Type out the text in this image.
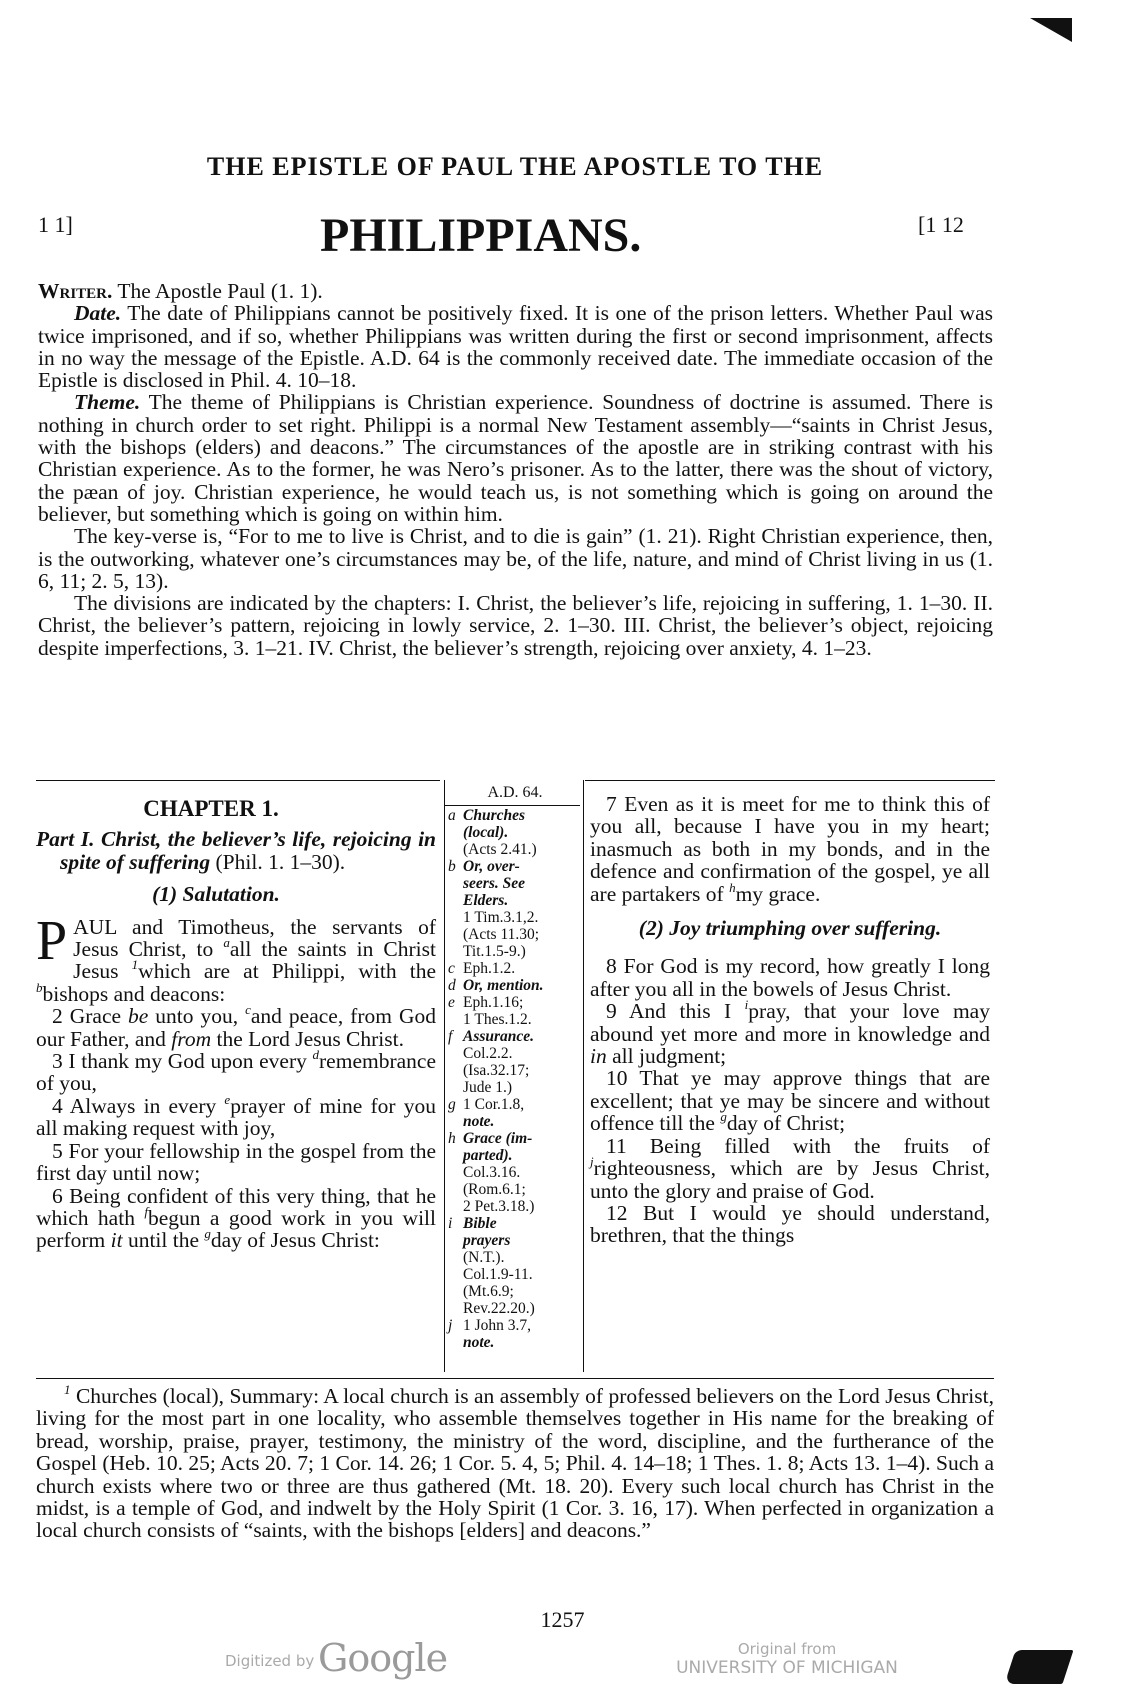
THE EPISTLE OF PAUL THE APOSTLE TO THE
1 1]	PHILIPPIANS.	[1 12

Writer. The Apostle Paul (1. 1).

Date. The date of Philippians cannot be positively fixed. It is one of the prison letters. Whether Paul was twice imprisoned, and if so, whether Philippians was written during the first or second imprisonment, affects in no way the message of the Epistle. A.D. 64 is the commonly received date. The immediate occasion of the Epistle is disclosed in Phil. 4. 10–18.

Theme. The theme of Philippians is Christian experience. Soundness of doctrine is assumed. There is nothing in church order to set right. Philippi is a normal New Testament assembly—“saints in Christ Jesus, with the bishops (elders) and deacons.” The circumstances of the apostle are in striking contrast with his Christian experience. As to the former, he was Nero’s prisoner. As to the latter, there was the shout of victory, the pæan of joy. Christian experience, he would teach us, is not something which is going on around the believer, but something which is going on within him.

The key-verse is, “For to me to live is Christ, and to die is gain” (1. 21). Right Christian experience, then, is the outworking, whatever one’s circumstances may be, of the life, nature, and mind of Christ living in us (1. 6, 11; 2. 5, 13).

The divisions are indicated by the chapters: I. Christ, the believer’s life, rejoicing in suffering, 1. 1–30. II. Christ, the believer’s pattern, rejoicing in lowly service, 2. 1–30. III. Christ, the believer’s object, rejoicing despite imperfections, 3. 1–21. IV. Christ, the believer’s strength, rejoicing over anxiety, 4. 1–23.

CHAPTER 1.
Part I. Christ, the believer’s life, rejoicing in spite of suffering (Phil. 1. 1–30).
(1) Salutation.

PAUL and Timotheus, the servants of Jesus Christ, to $^a$all the saints in Christ Jesus $^1$which are at Philippi, with the $^b$bishops and deacons:

2 Grace be unto you, $^c$and peace, from God our Father, and from the Lord Jesus Christ.

3 I thank my God upon every $^d$remembrance of you,

4 Always in every $^e$prayer of mine for you all making request with joy,

5 For your fellowship in the gospel from the first day until now;

6 Being confident of this very thing, that he which hath $^f$begun a good work in you will perform it until the $^g$day of Jesus Christ:

A.D. 64.
a Churches
(local).
(Acts 2.41.)
b Or, over-
seers. See
Elders.
1 Tim.3.1,2.
(Acts 11.30;
Tit.1.5-9.)
c Eph.1.2.
d Or, mention.
e Eph.1.16;
1 Thes.1.2.
f Assurance.
Col.2.2.
(Isa.32.17;
Jude 1.)
g 1 Cor.1.8,
note.
h Grace (im-
parted).
Col.3.16.
(Rom.6.1;
2 Pet.3.18.)
i Bible
prayers
(N.T.).
Col.1.9-11.
(Mt.6.9;
Rev.22.20.)
j 1 John 3.7,
note.

7 Even as it is meet for me to think this of you all, because I have you in my heart; inasmuch as both in my bonds, and in the defence and confirmation of the gospel, ye all are partakers of $^h$my grace.

(2) Joy triumphing over suffering.

8 For God is my record, how greatly I long after you all in the bowels of Jesus Christ.

9 And this I $^i$pray, that your love may abound yet more and more in knowledge and in all judgment;

10 That ye may approve things that are excellent; that ye may be sincere and without offence till the $^g$day of Christ;

11 Being filled with the fruits of $^j$righteousness, which are by Jesus Christ, unto the glory and praise of God.

12 But I would ye should understand, brethren, that the things

$^1$ Churches (local), Summary: A local church is an assembly of professed believers on the Lord Jesus Christ, living for the most part in one locality, who assemble themselves together in His name for the breaking of bread, worship, praise, prayer, testimony, the ministry of the word, discipline, and the furtherance of the Gospel (Heb. 10. 25; Acts 20. 7; 1 Cor. 14. 26; 1 Cor. 5. 4, 5; Phil. 4. 14–18; 1 Thes. 1. 8; Acts 13. 1–4). Such a church exists where two or three are thus gathered (Mt. 18. 20). Every such local church has Christ in the midst, is a temple of God, and indwelt by the Holy Spirit (1 Cor. 3. 16, 17). When perfected in organization a local church consists of “saints, with the bishops [elders] and deacons.”

1257
Digitized by Google	Original from
UNIVERSITY OF MICHIGAN
